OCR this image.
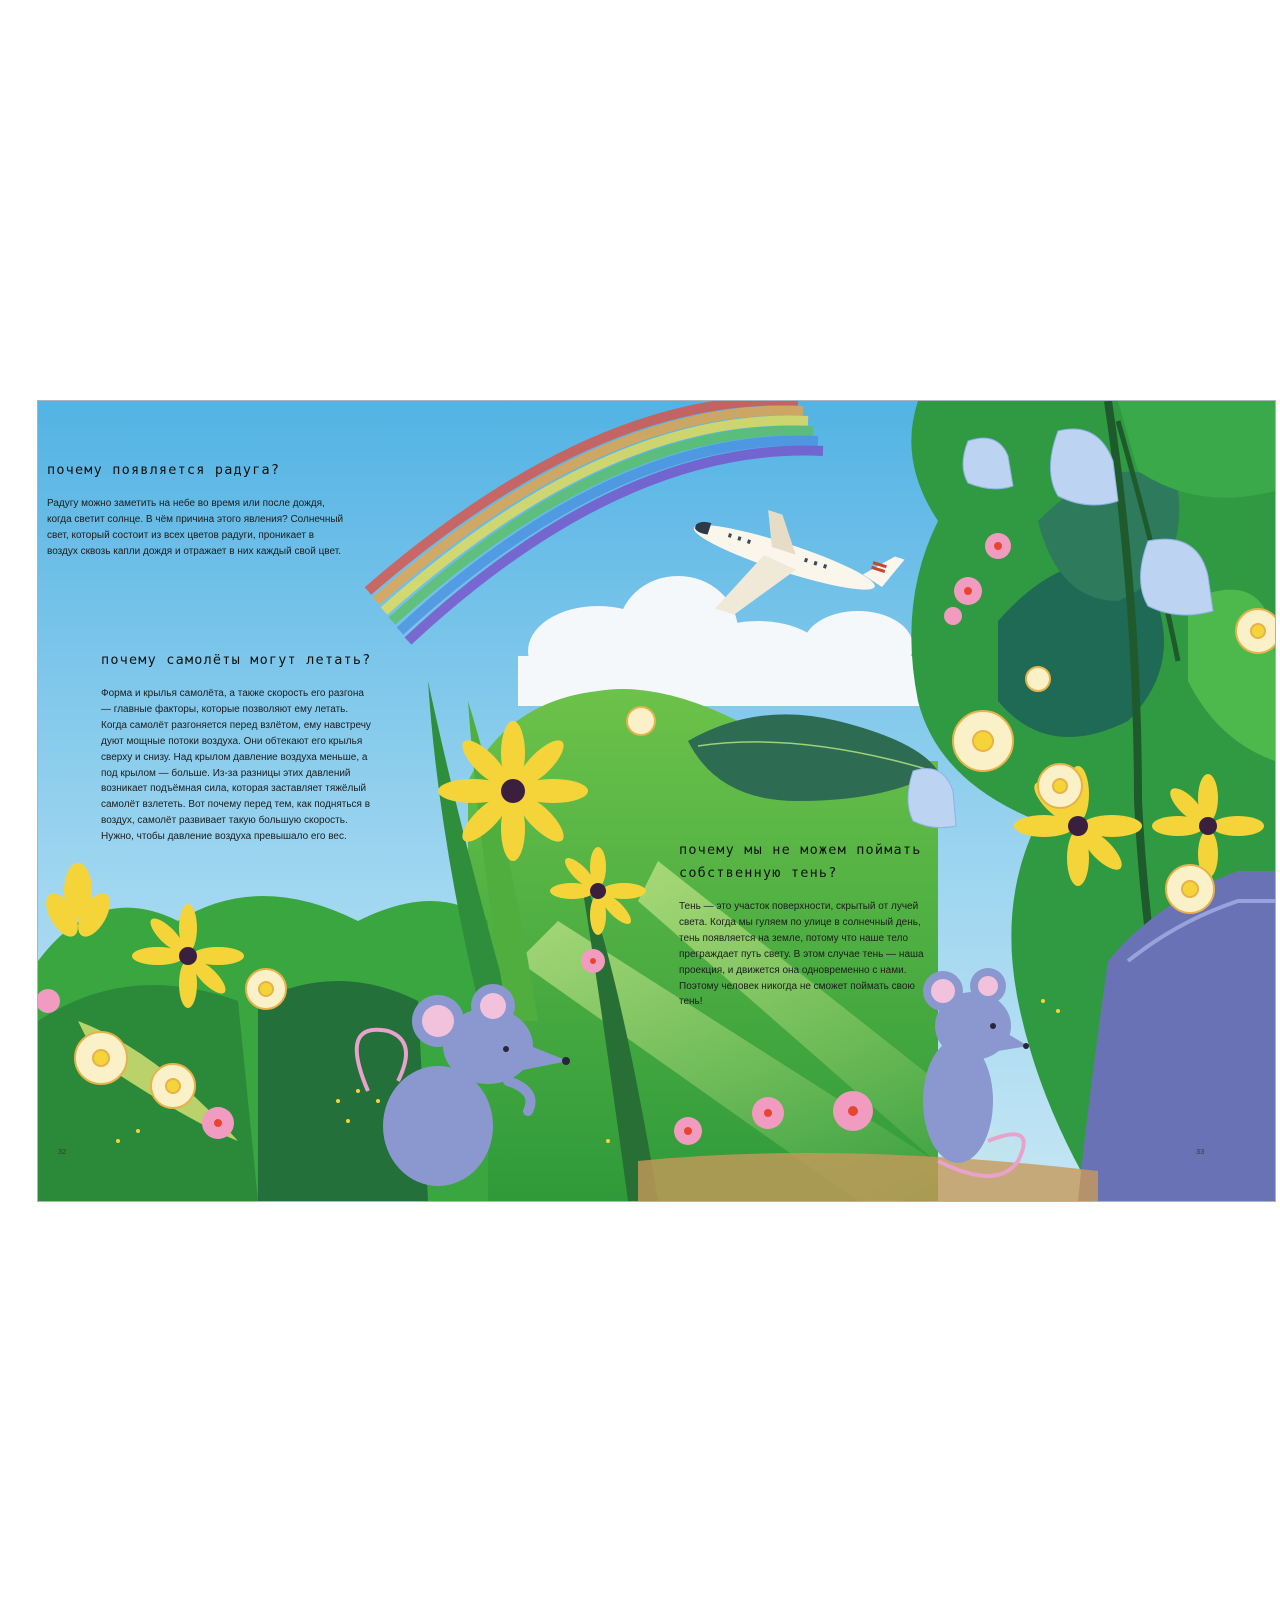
почему появляется радуга?

Радугу можно заметить на небе во время или после дождя, когда светит солнце. В чём причина этого явления? Солнечный свет, который состоит из всех цветов радуги, проникает в воздух сквозь капли дождя и отражает в них каждый свой цвет.

почему самолёты могут летать?

Форма и крылья самолёта, а также скорость его разгона — главные факторы, которые позволяют ему летать. Когда самолёт разгоняется перед взлётом, ему навстречу дуют мощные потоки воздуха. Они обтекают его крылья сверху и снизу. Над крылом давление воздуха меньше, а под крылом — больше. Из-за разницы этих давлений возникает подъёмная сила, которая заставляет тяжёлый самолёт взлететь. Вот почему перед тем, как подняться в воздух, самолёт развивает такую большую скорость. Нужно, чтобы давление воздуха превышало его вес.

почему мы не можем поймать собственную тень?

Тень — это участок поверхности, скрытый от лучей света. Когда мы гуляем по улице в солнечный день, тень появляется на земле, потому что наше тело преграждает путь свету. В этом случае тень — наша проекция, и движется она одновременно с нами. Поэтому человек никогда не сможет поймать свою тень!

32	33
